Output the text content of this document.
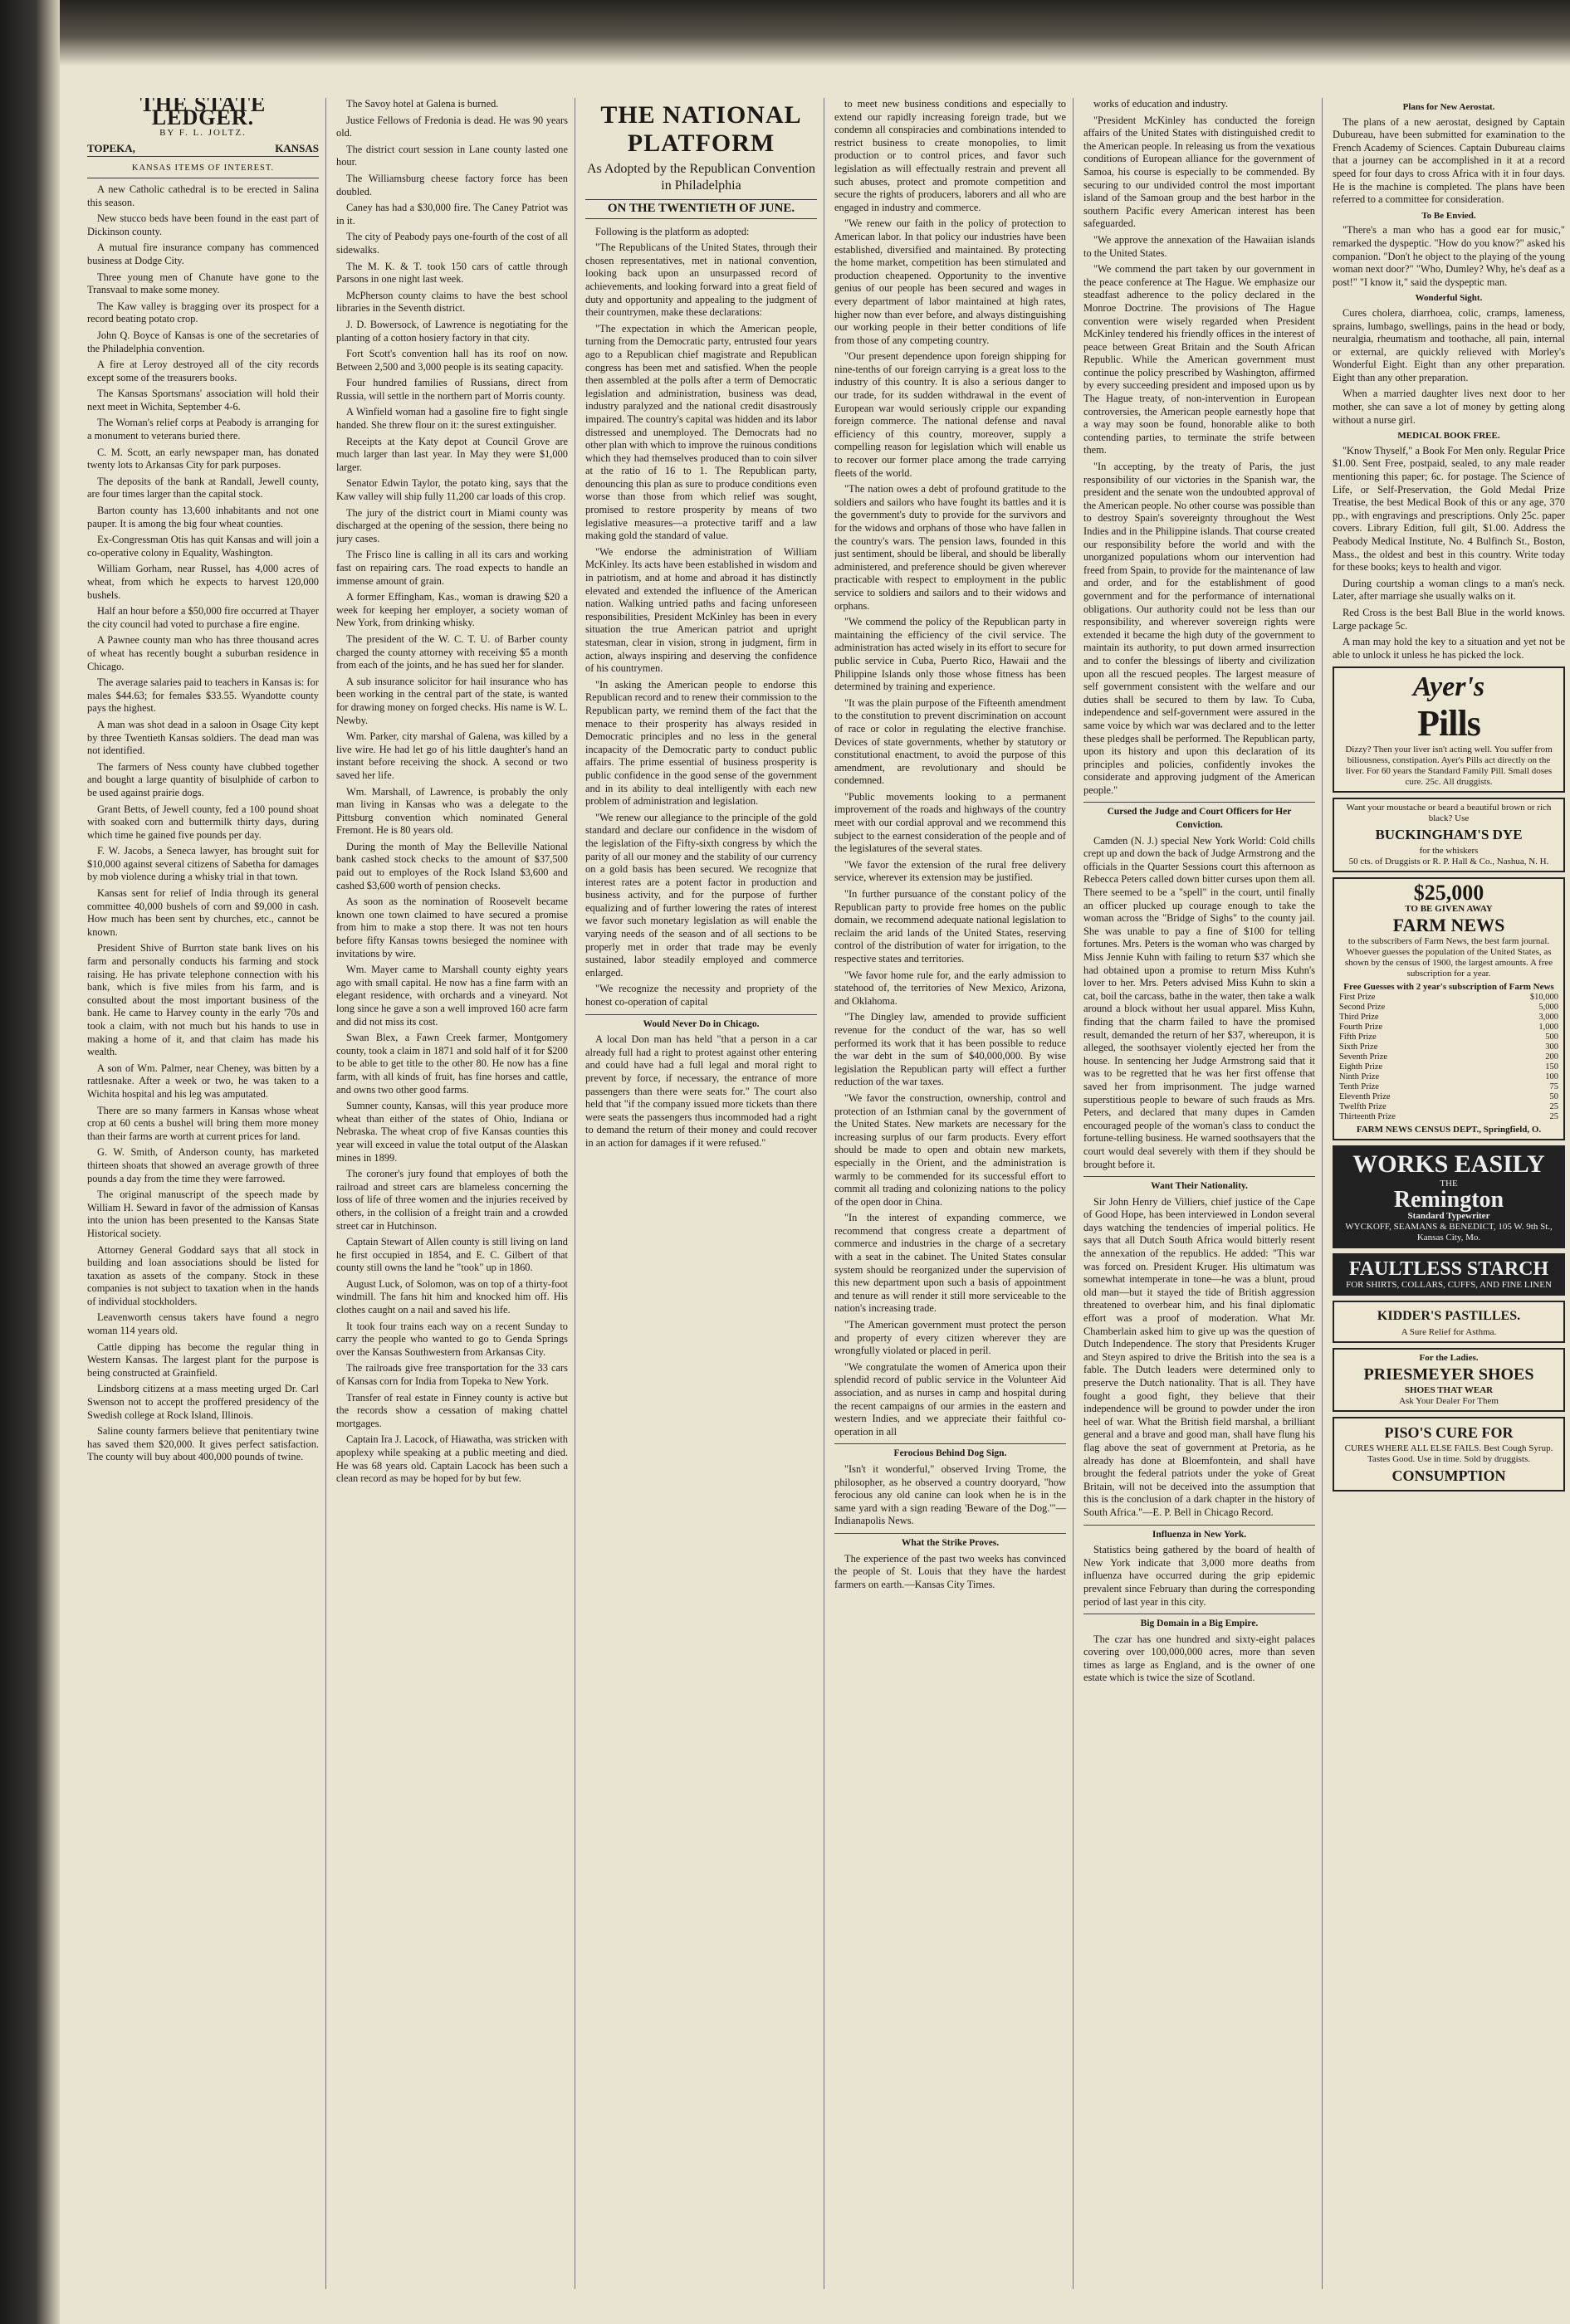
THE STATE LEDGER.
BY F. L. JOLTZ.
TOPEKA,	KANSAS
KANSAS ITEMS OF INTEREST.

A new Catholic cathedral is to be erected in Salina this season.

New stucco beds have been found in the east part of Dickinson county.

A mutual fire insurance company has commenced business at Dodge City.

Three young men of Chanute have gone to the Transvaal to make some money.

The Kaw valley is bragging over its prospect for a record beating potato crop.

John Q. Boyce of Kansas is one of the secretaries of the Philadelphia convention.

A fire at Leroy destroyed all of the city records except some of the treasurers books.

The Kansas Sportsmans' association will hold their next meet in Wichita, September 4-6.

The Woman's relief corps at Peabody is arranging for a monument to veterans buried there.

C. M. Scott, an early newspaper man, has donated twenty lots to Arkansas City for park purposes.

The deposits of the bank at Randall, Jewell county, are four times larger than the capital stock.

Barton county has 13,600 inhabitants and not one pauper. It is among the big four wheat counties.

Ex-Congressman Otis has quit Kansas and will join a co-operative colony in Equality, Washington.

William Gorham, near Russel, has 4,000 acres of wheat, from which he expects to harvest 120,000 bushels.

Half an hour before a $50,000 fire occurred at Thayer the city council had voted to purchase a fire engine.

A Pawnee county man who has three thousand acres of wheat has recently bought a suburban residence in Chicago.

The average salaries paid to teachers in Kansas is: for males $44.63; for females $33.55. Wyandotte county pays the highest.

A man was shot dead in a saloon in Osage City kept by three Twentieth Kansas soldiers. The dead man was not identified.

The farmers of Ness county have clubbed together and bought a large quantity of bisulphide of carbon to be used against prairie dogs.

Grant Betts, of Jewell county, fed a 100 pound shoat with soaked corn and buttermilk thirty days, during which time he gained five pounds per day.

F. W. Jacobs, a Seneca lawyer, has brought suit for $10,000 against several citizens of Sabetha for damages by mob violence during a whisky trial in that town.

Kansas sent for relief of India through its general committee 40,000 bushels of corn and $9,000 in cash. How much has been sent by churches, etc., cannot be known.

President Shive of Burrton state bank lives on his farm and personally conducts his farming and stock raising. He has private telephone connection with his bank, which is five miles from his farm, and is consulted about the most important business of the bank. He came to Harvey county in the early '70s and took a claim, with not much but his hands to use in making a home of it, and that claim has made his wealth.

A son of Wm. Palmer, near Cheney, was bitten by a rattlesnake. After a week or two, he was taken to a Wichita hospital and his leg was amputated.

There are so many farmers in Kansas whose wheat crop at 60 cents a bushel will bring them more money than their farms are worth at current prices for land.

G. W. Smith, of Anderson county, has marketed thirteen shoats that showed an average growth of three pounds a day from the time they were farrowed.

The original manuscript of the speech made by William H. Seward in favor of the admission of Kansas into the union has been presented to the Kansas State Historical society.

Attorney General Goddard says that all stock in building and loan associations should be listed for taxation as assets of the company. Stock in these companies is not subject to taxation when in the hands of individual stockholders.

Leavenworth census takers have found a negro woman 114 years old.

Cattle dipping has become the regular thing in Western Kansas. The largest plant for the purpose is being constructed at Grainfield.

Lindsborg citizens at a mass meeting urged Dr. Carl Swenson not to accept the proffered presidency of the Swedish college at Rock Island, Illinois.

Saline county farmers believe that penitentiary twine has saved them $20,000. It gives perfect satisfaction. The county will buy about 400,000 pounds of twine.

The Savoy hotel at Galena is burned.

Justice Fellows of Fredonia is dead. He was 90 years old.

The district court session in Lane county lasted one hour.

The Williamsburg cheese factory force has been doubled.

Caney has had a $30,000 fire. The Caney Patriot was in it.

The city of Peabody pays one-fourth of the cost of all sidewalks.

The M. K. & T. took 150 cars of cattle through Parsons in one night last week.

McPherson county claims to have the best school libraries in the Seventh district.

J. D. Bowersock, of Lawrence is negotiating for the planting of a cotton hosiery factory in that city.

Fort Scott's convention hall has its roof on now. Between 2,500 and 3,000 people is its seating capacity.

Four hundred families of Russians, direct from Russia, will settle in the northern part of Morris county.

A Winfield woman had a gasoline fire to fight single handed. She threw flour on it: the surest extinguisher.

Receipts at the Katy depot at Council Grove are much larger than last year. In May they were $1,000 larger.

Senator Edwin Taylor, the potato king, says that the Kaw valley will ship fully 11,200 car loads of this crop.

The jury of the district court in Miami county was discharged at the opening of the session, there being no jury cases.

The Frisco line is calling in all its cars and working fast on repairing cars. The road expects to handle an immense amount of grain.

A former Effingham, Kas., woman is drawing $20 a week for keeping her employer, a society woman of New York, from drinking whisky.

The president of the W. C. T. U. of Barber county charged the county attorney with receiving $5 a month from each of the joints, and he has sued her for slander.

A sub insurance solicitor for hail insurance who has been working in the central part of the state, is wanted for drawing money on forged checks. His name is W. L. Newby.

Wm. Parker, city marshal of Galena, was killed by a live wire. He had let go of his little daughter's hand an instant before receiving the shock. A second or two saved her life.

Wm. Marshall, of Lawrence, is probably the only man living in Kansas who was a delegate to the Pittsburg convention which nominated General Fremont. He is 80 years old.

During the month of May the Belleville National bank cashed stock checks to the amount of $37,500 paid out to employes of the Rock Island $3,600 and cashed $3,600 worth of pension checks.

As soon as the nomination of Roosevelt became known one town claimed to have secured a promise from him to make a stop there. It was not ten hours before fifty Kansas towns besieged the nominee with invitations by wire.

Wm. Mayer came to Marshall county eighty years ago with small capital. He now has a fine farm with an elegant residence, with orchards and a vineyard. Not long since he gave a son a well improved 160 acre farm and did not miss its cost.

Swan Blex, a Fawn Creek farmer, Montgomery county, took a claim in 1871 and sold half of it for $200 to be able to get title to the other 80. He now has a fine farm, with all kinds of fruit, has fine horses and cattle, and owns two other good farms.

Sumner county, Kansas, will this year produce more wheat than either of the states of Ohio, Indiana or Nebraska. The wheat crop of five Kansas counties this year will exceed in value the total output of the Alaskan mines in 1899.

The coroner's jury found that employes of both the railroad and street cars are blameless concerning the loss of life of three women and the injuries received by others, in the collision of a freight train and a crowded street car in Hutchinson.

Captain Stewart of Allen county is still living on land he first occupied in 1854, and E. C. Gilbert of that county still owns the land he "took" up in 1860.

August Luck, of Solomon, was on top of a thirty-foot windmill. The fans hit him and knocked him off. His clothes caught on a nail and saved his life.

It took four trains each way on a recent Sunday to carry the people who wanted to go to Genda Springs over the Kansas Southwestern from Arkansas City.

The railroads give free transportation for the 33 cars of Kansas corn for India from Topeka to New York.

Transfer of real estate in Finney county is active but the records show a cessation of making chattel mortgages.

Captain Ira J. Lacock, of Hiawatha, was stricken with apoplexy while speaking at a public meeting and died. He was 68 years old. Captain Lacock has been such a clean record as may be hoped for by but few.

THE NATIONAL PLATFORM
As Adopted by the Republican Convention in Philadelphia
ON THE TWENTIETH OF JUNE.

Following is the platform as adopted:

"The Republicans of the United States, through their chosen representatives, met in national convention, looking back upon an unsurpassed record of achievements, and looking forward into a great field of duty and opportunity and appealing to the judgment of their countrymen, make these declarations:

"The expectation in which the American people, turning from the Democratic party, entrusted four years ago to a Republican chief magistrate and Republican congress has been met and satisfied. When the people then assembled at the polls after a term of Democratic legislation and administration, business was dead, industry paralyzed and the national credit disastrously impaired. The country's capital was hidden and its labor distressed and unemployed. The Democrats had no other plan with which to improve the ruinous conditions which they had themselves produced than to coin silver at the ratio of 16 to 1. The Republican party, denouncing this plan as sure to produce conditions even worse than those from which relief was sought, promised to restore prosperity by means of two legislative measures—a protective tariff and a law making gold the standard of value.

"We endorse the administration of William McKinley. Its acts have been established in wisdom and in patriotism, and at home and abroad it has distinctly elevated and extended the influence of the American nation. Walking untried paths and facing unforeseen responsibilities, President McKinley has been in every situation the true American patriot and upright statesman, clear in vision, strong in judgment, firm in action, always inspiring and deserving the confidence of his countrymen.

"In asking the American people to endorse this Republican record and to renew their commission to the Republican party, we remind them of the fact that the menace to their prosperity has always resided in Democratic principles and no less in the general incapacity of the Democratic party to conduct public affairs. The prime essential of business prosperity is public confidence in the good sense of the government and in its ability to deal intelligently with each new problem of administration and legislation.

"We renew our allegiance to the principle of the gold standard and declare our confidence in the wisdom of the legislation of the Fifty-sixth congress by which the parity of all our money and the stability of our currency on a gold basis has been secured. We recognize that interest rates are a potent factor in production and business activity, and for the purpose of further equalizing and of further lowering the rates of interest we favor such monetary legislation as will enable the varying needs of the season and of all sections to be properly met in order that trade may be evenly sustained, labor steadily employed and commerce enlarged.

"We recognize the necessity and propriety of the honest co-operation of capital

Would Never Do in Chicago.

A local Don man has held "that a person in a car already full had a right to protest against other entering and could have had a full legal and moral right to prevent by force, if necessary, the entrance of more passengers than there were seats for." The court also held that "if the company issued more tickets than there were seats the passengers thus incommoded had a right to demand the return of their money and could recover in an action for damages if it were refused."

to meet new business conditions and especially to extend our rapidly increasing foreign trade, but we condemn all conspiracies and combinations intended to restrict business to create monopolies, to limit production or to control prices, and favor such legislation as will effectually restrain and prevent all such abuses, protect and promote competition and secure the rights of producers, laborers and all who are engaged in industry and commerce.

"We renew our faith in the policy of protection to American labor. In that policy our industries have been established, diversified and maintained. By protecting the home market, competition has been stimulated and production cheapened. Opportunity to the inventive genius of our people has been secured and wages in every department of labor maintained at high rates, higher now than ever before, and always distinguishing our working people in their better conditions of life from those of any competing country.

"Our present dependence upon foreign shipping for nine-tenths of our foreign carrying is a great loss to the industry of this country. It is also a serious danger to our trade, for its sudden withdrawal in the event of European war would seriously cripple our expanding foreign commerce. The national defense and naval efficiency of this country, moreover, supply a compelling reason for legislation which will enable us to recover our former place among the trade carrying fleets of the world.

"The nation owes a debt of profound gratitude to the soldiers and sailors who have fought its battles and it is the government's duty to provide for the survivors and for the widows and orphans of those who have fallen in the country's wars. The pension laws, founded in this just sentiment, should be liberal, and should be liberally administered, and preference should be given wherever practicable with respect to employment in the public service to soldiers and sailors and to their widows and orphans.

"We commend the policy of the Republican party in maintaining the efficiency of the civil service. The administration has acted wisely in its effort to secure for public service in Cuba, Puerto Rico, Hawaii and the Philippine Islands only those whose fitness has been determined by training and experience.

"It was the plain purpose of the Fifteenth amendment to the constitution to prevent discrimination on account of race or color in regulating the elective franchise. Devices of state governments, whether by statutory or constitutional enactment, to avoid the purpose of this amendment, are revolutionary and should be condemned.

"Public movements looking to a permanent improvement of the roads and highways of the country meet with our cordial approval and we recommend this subject to the earnest consideration of the people and of the legislatures of the several states.

"We favor the extension of the rural free delivery service, wherever its extension may be justified.

"In further pursuance of the constant policy of the Republican party to provide free homes on the public domain, we recommend adequate national legislation to reclaim the arid lands of the United States, reserving control of the distribution of water for irrigation, to the respective states and territories.

"We favor home rule for, and the early admission to statehood of, the territories of New Mexico, Arizona, and Oklahoma.

"The Dingley law, amended to provide sufficient revenue for the conduct of the war, has so well performed its work that it has been possible to reduce the war debt in the sum of $40,000,000. By wise legislation the Republican party will effect a further reduction of the war taxes.

"We favor the construction, ownership, control and protection of an Isthmian canal by the government of the United States. New markets are necessary for the increasing surplus of our farm products. Every effort should be made to open and obtain new markets, especially in the Orient, and the administration is warmly to be commended for its successful effort to commit all trading and colonizing nations to the policy of the open door in China.

"In the interest of expanding commerce, we recommend that congress create a department of commerce and industries in the charge of a secretary with a seat in the cabinet. The United States consular system should be reorganized under the supervision of this new department upon such a basis of appointment and tenure as will render it still more serviceable to the nation's increasing trade.

"The American government must protect the person and property of every citizen wherever they are wrongfully violated or placed in peril.

"We congratulate the women of America upon their splendid record of public service in the Volunteer Aid association, and as nurses in camp and hospital during the recent campaigns of our armies in the eastern and western Indies, and we appreciate their faithful co-operation in all

Ferocious Behind Dog Sign.

"Isn't it wonderful," observed Irving Trome, the philosopher, as he observed a country dooryard, "how ferocious any old canine can look when he is in the same yard with a sign reading 'Beware of the Dog.'"—Indianapolis News.

What the Strike Proves.

The experience of the past two weeks has convinced the people of St. Louis that they have the hardest farmers on earth.—Kansas City Times.

works of education and industry.

"President McKinley has conducted the foreign affairs of the United States with distinguished credit to the American people. In releasing us from the vexatious conditions of European alliance for the government of Samoa, his course is especially to be commended. By securing to our undivided control the most important island of the Samoan group and the best harbor in the southern Pacific every American interest has been safeguarded.

"We approve the annexation of the Hawaiian islands to the United States.

"We commend the part taken by our government in the peace conference at The Hague. We emphasize our steadfast adherence to the policy declared in the Monroe Doctrine. The provisions of The Hague convention were wisely regarded when President McKinley tendered his friendly offices in the interest of peace between Great Britain and the South African Republic. While the American government must continue the policy prescribed by Washington, affirmed by every succeeding president and imposed upon us by The Hague treaty, of non-intervention in European controversies, the American people earnestly hope that a way may soon be found, honorable alike to both contending parties, to terminate the strife between them.

"In accepting, by the treaty of Paris, the just responsibility of our victories in the Spanish war, the president and the senate won the undoubted approval of the American people. No other course was possible than to destroy Spain's sovereignty throughout the West Indies and in the Philippine islands. That course created our responsibility before the world and with the unorganized populations whom our intervention had freed from Spain, to provide for the maintenance of law and order, and for the establishment of good government and for the performance of international obligations. Our authority could not be less than our responsibility, and wherever sovereign rights were extended it became the high duty of the government to maintain its authority, to put down armed insurrection and to confer the blessings of liberty and civilization upon all the rescued peoples. The largest measure of self government consistent with the welfare and our duties shall be secured to them by law. To Cuba, independence and self-government were assured in the same voice by which war was declared and to the letter these pledges shall be performed. The Republican party, upon its history and upon this declaration of its principles and policies, confidently invokes the considerate and approving judgment of the American people."

Cursed the Judge and Court Officers for Her Conviction.

Camden (N. J.) special New York World: Cold chills crept up and down the back of Judge Armstrong and the officials in the Quarter Sessions court this afternoon as Rebecca Peters called down bitter curses upon them all. There seemed to be a "spell" in the court, until finally an officer plucked up courage enough to take the woman across the "Bridge of Sighs" to the county jail. She was unable to pay a fine of $100 for telling fortunes. Mrs. Peters is the woman who was charged by Miss Jennie Kuhn with failing to return $37 which she had obtained upon a promise to return Miss Kuhn's lover to her. Mrs. Peters advised Miss Kuhn to skin a cat, boil the carcass, bathe in the water, then take a walk around a block without her usual apparel. Miss Kuhn, finding that the charm failed to have the promised result, demanded the return of her $37, whereupon, it is alleged, the soothsayer violently ejected her from the house. In sentencing her Judge Armstrong said that it was to be regretted that he was her first offense that saved her from imprisonment. The judge warned superstitious people to beware of such frauds as Mrs. Peters, and declared that many dupes in Camden encouraged people of the woman's class to conduct the fortune-telling business. He warned soothsayers that the court would deal severely with them if they should be brought before it.

Want Their Nationality.

Sir John Henry de Villiers, chief justice of the Cape of Good Hope, has been interviewed in London several days watching the tendencies of imperial politics. He says that all Dutch South Africa would bitterly resent the annexation of the republics. He added: "This war was forced on. President Kruger. His ultimatum was somewhat intemperate in tone—he was a blunt, proud old man—but it stayed the tide of British aggression threatened to overbear him, and his final diplomatic effort was a proof of moderation. What Mr. Chamberlain asked him to give up was the question of Dutch Independence. The story that Presidents Kruger and Steyn aspired to drive the British into the sea is a fable. The Dutch leaders were determined only to preserve the Dutch nationality. That is all. They have fought a good fight, they believe that their independence will be ground to powder under the iron heel of war. What the British field marshal, a brilliant general and a brave and good man, shall have flung his flag above the seat of government at Pretoria, as he already has done at Bloemfontein, and shall have brought the federal patriots under the yoke of Great Britain, will not be deceived into the assumption that this is the conclusion of a dark chapter in the history of South Africa."—E. P. Bell in Chicago Record.

Influenza in New York.

Statistics being gathered by the board of health of New York indicate that 3,000 more deaths from influenza have occurred during the grip epidemic prevalent since February than during the corresponding period of last year in this city.

Big Domain in a Big Empire.

The czar has one hundred and sixty-eight palaces covering over 100,000,000 acres, more than seven times as large as England, and is the owner of one estate which is twice the size of Scotland.

Plans for New Aerostat.

The plans of a new aerostat, designed by Captain Dubureau, have been submitted for examination to the French Academy of Sciences. Captain Dubureau claims that a journey can be accomplished in it at a record speed for four days to cross Africa with it in four days. He is the machine is completed. The plans have been referred to a committee for consideration.

To Be Envied.

"There's a man who has a good ear for music," remarked the dyspeptic. "How do you know?" asked his companion. "Don't he object to the playing of the young woman next door?" "Who, Dumley? Why, he's deaf as a post!" "I know it," said the dyspeptic man.

Wonderful Sight.

Cures cholera, diarrhoea, colic, cramps, lameness, sprains, lumbago, swellings, pains in the head or body, neuralgia, rheumatism and toothache, all pain, internal or external, are quickly relieved with Morley's Wonderful Eight. Eight than any other preparation. Eight than any other preparation.

When a married daughter lives next door to her mother, she can save a lot of money by getting along without a nurse girl.

MEDICAL BOOK FREE.

"Know Thyself," a Book For Men only. Regular Price $1.00. Sent Free, postpaid, sealed, to any male reader mentioning this paper; 6c. for postage. The Science of Life, or Self-Preservation, the Gold Medal Prize Treatise, the best Medical Book of this or any age, 370 pp., with engravings and prescriptions. Only 25c. paper covers. Library Edition, full gilt, $1.00. Address the Peabody Medical Institute, No. 4 Bulfinch St., Boston, Mass., the oldest and best in this country. Write today for these books; keys to health and vigor.

During courtship a woman clings to a man's neck. Later, after marriage she usually walks on it.

Red Cross is the best Ball Blue in the world knows. Large package 5c.

A man may hold the key to a situation and yet not be able to unlock it unless he has picked the lock.

Ayer's
Pills
Dizzy? Then your liver isn't acting well. You suffer from biliousness, constipation. Ayer's Pills act directly on the liver. For 60 years the Standard Family Pill. Small doses cure. 25c. All druggists.
Want your moustache or beard a beautiful brown or rich black? Use
BUCKINGHAM'S DYE
for the whiskers
50 cts. of Druggists or R. P. Hall & Co., Nashua, N. H.
$25,000
TO BE GIVEN AWAY
FARM NEWS
to the subscribers of Farm News, the best farm journal. Whoever guesses the population of the United States, as shown by the census of 1900, the largest amounts. A free subscription for a year.
Free Guesses with 2 year's subscription of Farm News
First Prize	$10,000
Second Prize	5,000
Third Prize	3,000
Fourth Prize	1,000
Fifth Prize	500
Sixth Prize	300
Seventh Prize	200
Eighth Prize	150
Ninth Prize	100
Tenth Prize	75
Eleventh Prize	50
Twelfth Prize	25
Thirteenth Prize	25
FARM NEWS CENSUS DEPT., Springfield, O.
WORKS EASILY
THE
Remington
Standard Typewriter
WYCKOFF, SEAMANS & BENEDICT, 105 W. 9th St., Kansas City, Mo.
FAULTLESS STARCH
FOR SHIRTS, COLLARS, CUFFS, AND FINE LINEN
KIDDER'S PASTILLES.
A Sure Relief for Asthma.
For the Ladies.
PRIESMEYER SHOES
SHOES THAT WEAR
Ask Your Dealer For Them
PISO'S CURE FOR
CURES WHERE ALL ELSE FAILS. Best Cough Syrup. Tastes Good. Use in time. Sold by druggists.
CONSUMPTION
